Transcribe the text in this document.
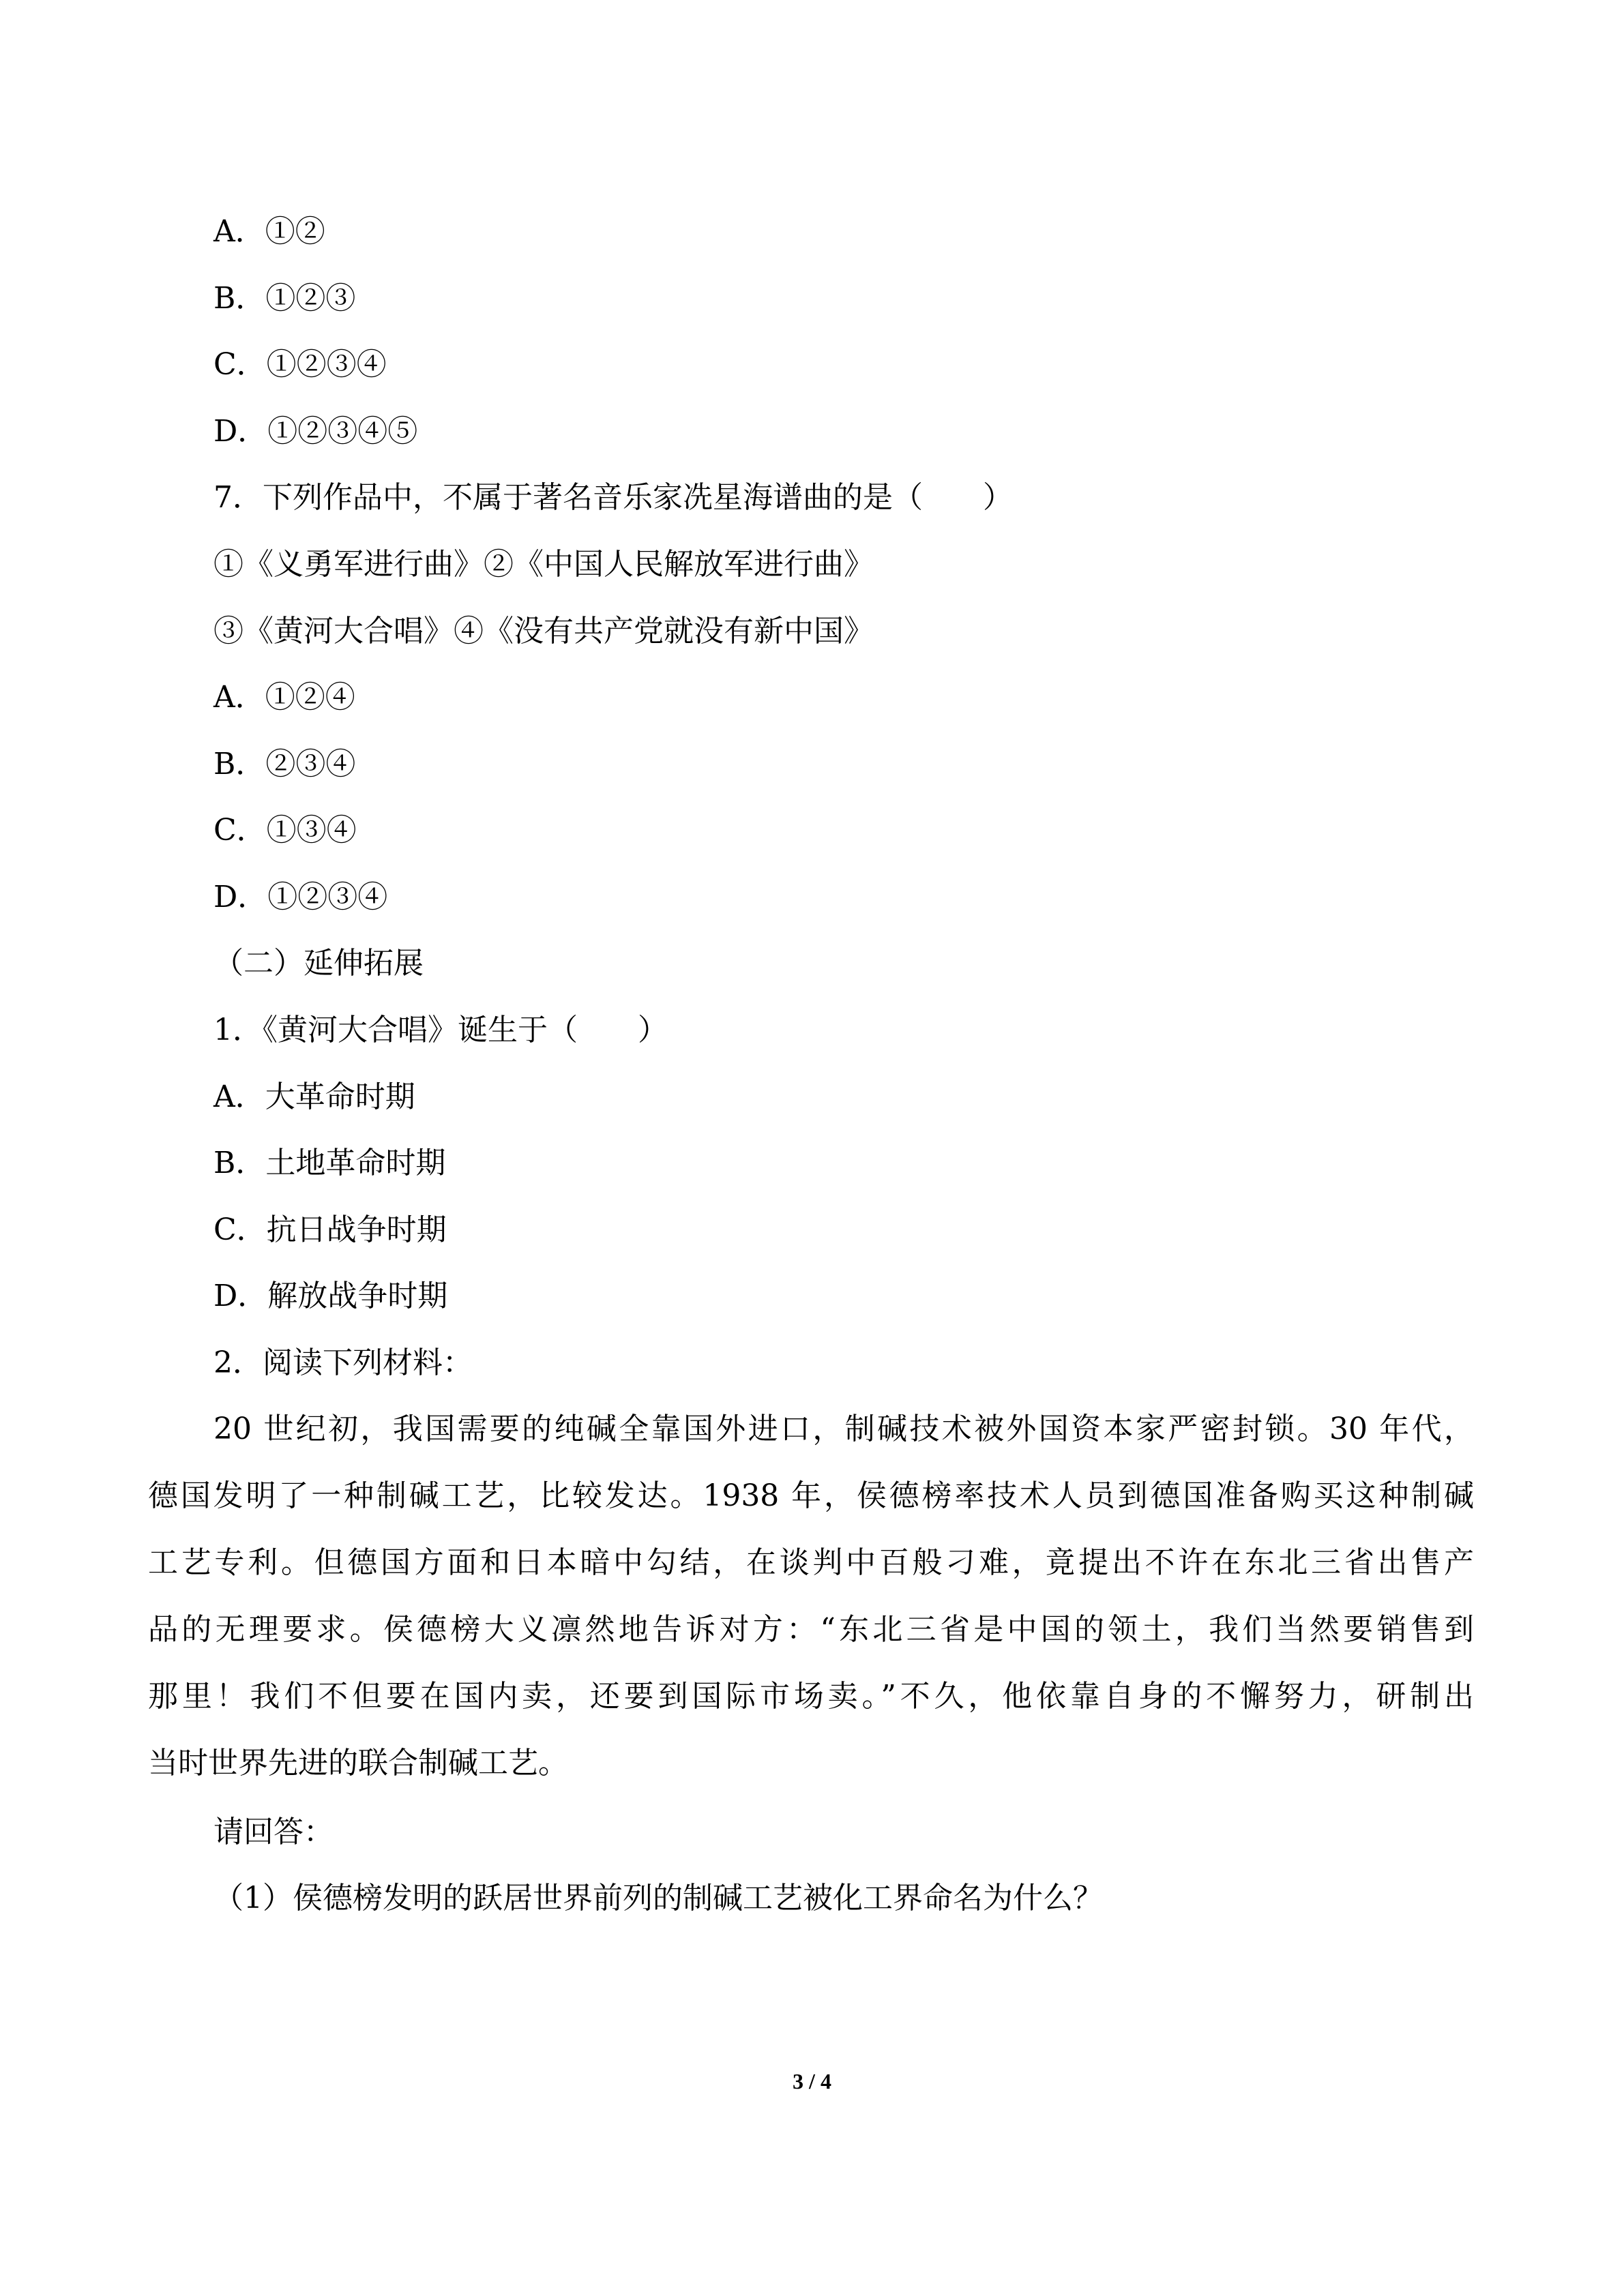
A．①②
B．①②③
C．①②③④
D．①②③④⑤
7．下列作品中，不属于著名音乐家冼星海谱曲的是（　　）
①《义勇军进行曲》②《中国人民解放军进行曲》
③《黄河大合唱》④《没有共产党就没有新中国》
A．①②④
B．②③④
C．①③④
D．①②③④
（二）延伸拓展
1．《黄河大合唱》诞生于（　　）
A．大革命时期
B．土地革命时期
C．抗日战争时期
D．解放战争时期
2．阅读下列材料：
20 世纪初，我国需要的纯碱全靠国外进口，制碱技术被外国资本家严密封锁。30 年代，
德国发明了一种制碱工艺，比较发达。1938 年，侯德榜率技术人员到德国准备购买这种制碱
工艺专利。但德国方面和日本暗中勾结，在谈判中百般刁难，竟提出不许在东北三省出售产
品的无理要求。侯德榜大义凛然地告诉对方：“东北三省是中国的领土，我们当然要销售到
那里！我们不但要在国内卖，还要到国际市场卖。”不久，他依靠自身的不懈努力，研制出
当时世界先进的联合制碱工艺。
请回答：
（1）侯德榜发明的跃居世界前列的制碱工艺被化工界命名为什么？
3 / 4
